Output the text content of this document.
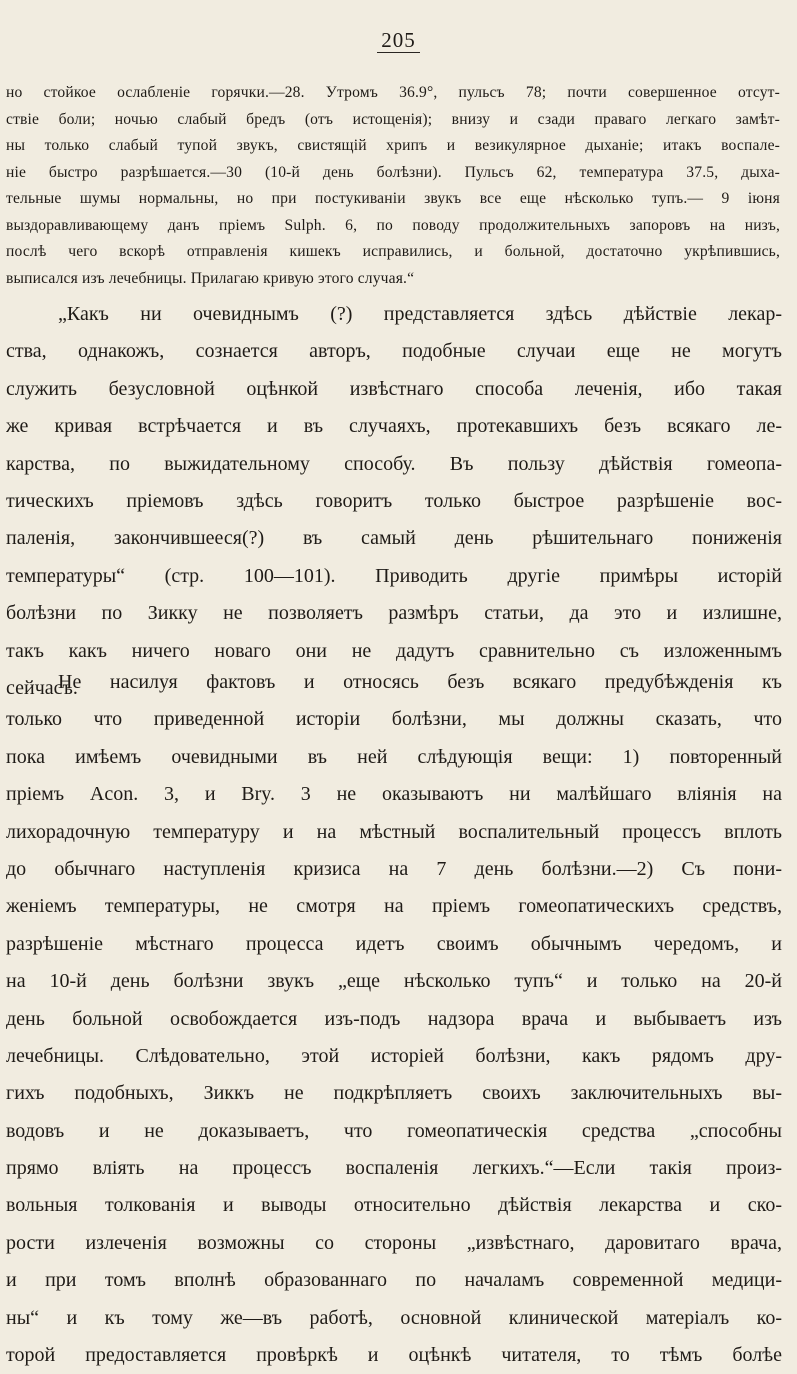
205
но стойкое ослабленіе горячки.—28. Утромъ 36.9°, пульсъ 78; почти совершенное отсут-
ствіе боли; ночью слабый бредъ (отъ истощенія); внизу и сзади праваго легкаго замѣт-
ны только слабый тупой звукъ, свистящій хрипъ и везикулярное дыханіе; итакъ воспале-
ніе быстро разрѣшается.—30 (10-й день болѣзни). Пульсъ 62, температура 37.5, дыха-
тельные шумы нормальны, но при постукиваніи звукъ все еще нѣсколько тупъ.— 9 іюня
выздоравливающему данъ пріемъ Sulph. 6, по поводу продолжительныхъ запоровъ на низъ,
послѣ чего вскорѣ отправленія кишекъ исправились, и больной, достаточно укрѣпившись,
выписался изъ лечебницы. Прилагаю кривую этого случая.“
„Какъ ни очевиднымъ (?) представляется здѣсь дѣйствіе лекар-
ства, однакожъ, сознается авторъ, подобные случаи еще не могутъ
служить безусловной оцѣнкой извѣстнаго способа леченія, ибо такая
же кривая встрѣчается и въ случаяхъ, протекавшихъ безъ всякаго ле-
карства, по выжидательному способу. Въ пользу дѣйствія гомеопа-
тическихъ пріемовъ здѣсь говоритъ только быстрое разрѣшеніе вос-
паленія, закончившееся(?) въ самый день рѣшительнаго пониженія
температуры“ (стр. 100—101). Приводить другіе примѣры исторій
болѣзни по Зикку не позволяетъ размѣръ статьи, да это и излишне,
такъ какъ ничего новаго они не дадутъ сравнительно съ изложеннымъ
сейчасъ.
Не насилуя фактовъ и относясь безъ всякаго предубѣжденія къ
только что приведенной исторіи болѣзни, мы должны сказать, что
пока имѣемъ очевидными въ ней слѣдующія вещи: 1) повторенный
пріемъ Acon. 3, и Bry. 3 не оказываютъ ни малѣйшаго вліянія на
лихорадочную температуру и на мѣстный воспалительный процессъ вплоть
до обычнаго наступленія кризиса на 7 день болѣзни.—2) Съ пони-
женіемъ температуры, не смотря на пріемъ гомеопатическихъ средствъ,
разрѣшеніе мѣстнаго процесса идетъ своимъ обычнымъ чередомъ, и
на 10-й день болѣзни звукъ „еще нѣсколько тупъ“ и только на 20-й
день больной освобождается изъ-подъ надзора врача и выбываетъ изъ
лечебницы. Слѣдовательно, этой исторіей болѣзни, какъ рядомъ дру-
гихъ подобныхъ, Зиккъ не подкрѣпляетъ своихъ заключительныхъ вы-
водовъ и не доказываетъ, что гомеопатическія средства „способны
прямо вліять на процессъ воспаленія легкихъ.“—Если такія произ-
вольныя толкованія и выводы относительно дѣйствія лекарства и ско-
рости излеченія возможны со стороны „извѣстнаго, даровитаго врача,
и при томъ вполнѣ образованнаго по началамъ современной медици-
ны“ и къ тому же—въ работѣ, основной клинической матеріалъ ко-
торой предоставляется провѣркѣ и оцѣнкѣ читателя, то тѣмъ болѣе
